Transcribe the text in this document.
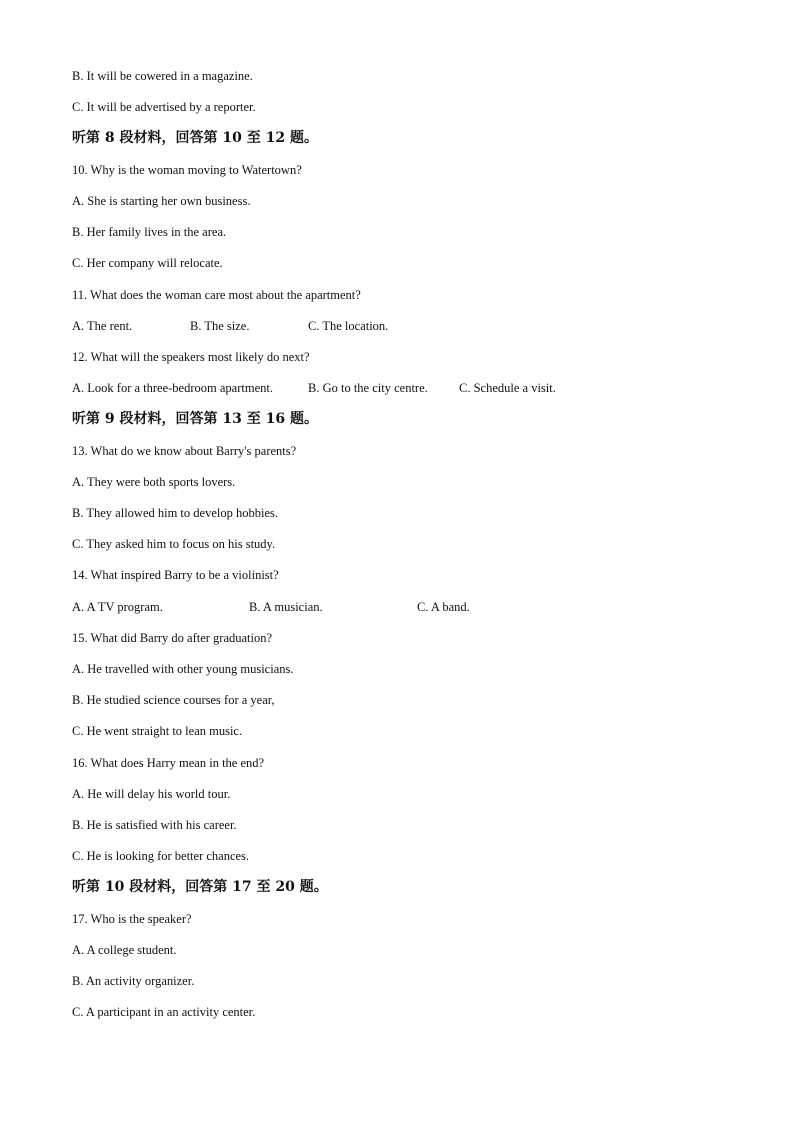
B. It will be cowered in a magazine.
C. It will be advertised by a reporter.
听第 8 段材料，回答第 10 至 12 题。
10. Why is the woman moving to Watertown?
A. She is starting her own business.
B. Her family lives in the area.
C. Her company will relocate.
11. What does the woman care most about the apartment?
A. The rent.	B. The size.	C. The location.
12. What will the speakers most likely do next?
A. Look for a three-bedroom apartment.	B. Go to the city centre. C. Schedule a visit.
听第 9 段材料，回答第 13 至 16 题。
13. What do we know about Barry's parents?
A. They were both sports lovers.
B. They allowed him to develop hobbies.
C. They asked him to focus on his study.
14. What inspired Barry to be a violinist?
A. A TV program.	B. A musician.	C. A band.
15. What did Barry do after graduation?
A. He travelled with other young musicians.
B. He studied science courses for a year,
C. He went straight to lean music.
16. What does Harry mean in the end?
A. He will delay his world tour.
B. He is satisfied with his career.
C. He is looking for better chances.
听第 10 段材料，回答第 17 至 20 题。
17. Who is the speaker?
A. A college student.
B. An activity organizer.
C. A participant in an activity center.
